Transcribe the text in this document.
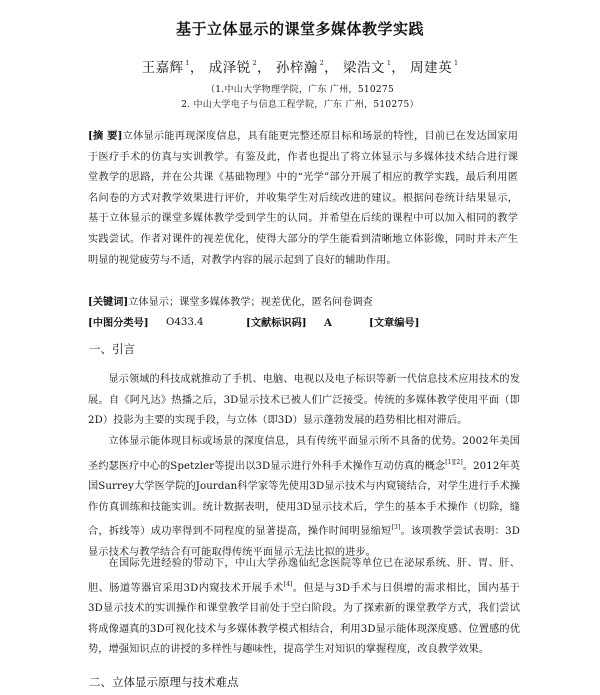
基于立体显示的课堂多媒体教学实践
王嘉辉 $^1$， 成泽锐 $^2$， 孙梓瀚 $^2$， 梁浩文 $^1$， 周建英 $^1$
（1.中山大学物理学院，广东 广州，510275
2. 中山大学电子与信息工程学院，广东 广州，510275）
[摘 要]立体显示能再现深度信息，具有能更完整还原目标和场景的特性，目前已在发达国家用于医疗手术的仿真与实训教学。有鉴及此，作者也提出了将立体显示与多媒体技术结合进行课堂教学的思路，并在公共课《基础物理》中的“光学”部分开展了相应的教学实践，最后利用匿名问卷的方式对教学效果进行评价，并收集学生对后续改进的建议。根据问卷统计结果显示，基于立体显示的课堂多媒体教学受到学生的认同。并希望在后续的课程中可以加入相同的教学实践尝试。作者对课件的视差优化，使得大部分的学生能看到清晰地立体影像，同时并未产生明显的视觉疲劳与不适，对教学内容的展示起到了良好的辅助作用。
[关键词]立体显示；课堂多媒体教学；视差优化，匿名问卷调查
[中图分类号] O433.4	[文献标识码] A	[文章编号]
一、引言

显示领域的科技成就推动了手机、电脑、电视以及电子标识等新一代信息技术应用技术的发展。自《阿凡达》热播之后，3D显示技术已被人们广泛接受。传统的多媒体教学使用平面（即2D）投影为主要的实现手段，与立体（即3D）显示蓬勃发展的趋势相比相对滞后。

立体显示能体现目标或场景的深度信息，具有传统平面显示所不具备的优势。2002年美国圣约瑟医疗中心的Spetzler等提出以3D显示进行外科手术操作互动仿真的概念[1][2]。2012年英国Surrey大学医学院的Jourdan科学家等先使用3D显示技术与内窥镜结合，对学生进行手术操作仿真训练和技能实训。统计数据表明，使用3D显示技术后，学生的基本手术操作（切除，缝合，拆线等）成功率得到不同程度的显著提高，操作时间明显缩短[3]。该项教学尝试表明：3D显示技术与教学结合有可能取得传统平面显示无法比拟的进步。

在国际先进经验的带动下，中山大学孙逸仙纪念医院等单位已在泌尿系统、肝、胃、肝、胆、肠道等器官采用3D内窥技术开展手术[4]。但是与3D手术与日俱增的需求相比，国内基于3D显示技术的实训操作和课堂教学目前处于空白阶段。为了探索新的课堂教学方式，我们尝试将成像逼真的3D可视化技术与多媒体教学模式相结合，利用3D显示能体现深度感、位置感的优势，增强知识点的讲授的多样性与趣味性，提高学生对知识的掌握程度，改良教学效果。

二、立体显示原理与技术难点
